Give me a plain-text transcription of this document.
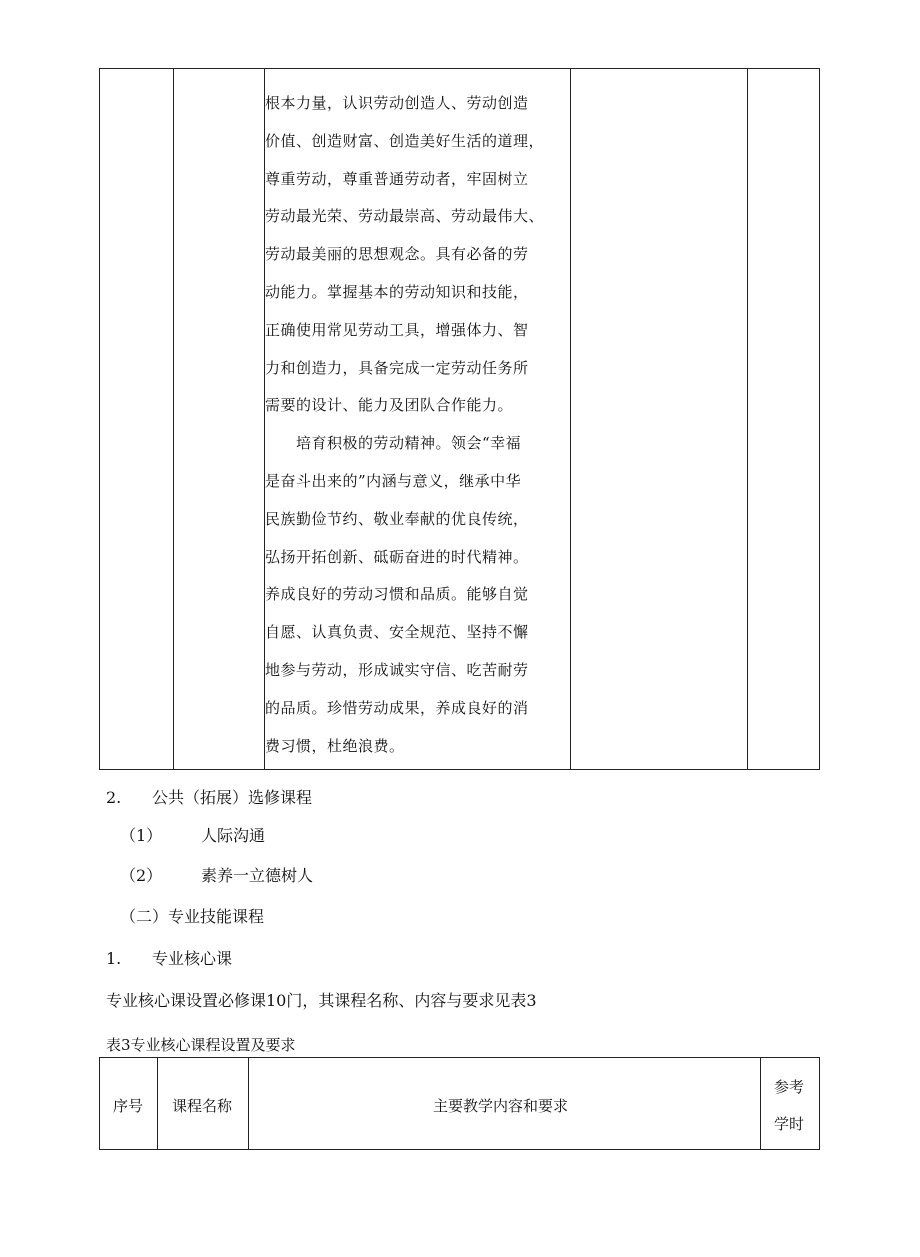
根本力量，认识劳动创造人、劳动创造

价值、创造财富、创造美好生活的道理，

尊重劳动，尊重普通劳动者，牢固树立

劳动最光荣、劳动最崇高、劳动最伟大、

劳动最美丽的思想观念。具有必备的劳

动能力。掌握基本的劳动知识和技能，

正确使用常见劳动工具，增强体力、智

力和创造力，具备完成一定劳动任务所

需要的设计、能力及团队合作能力。

培育积极的劳动精神。领会“幸福

是奋斗出来的”内涵与意义，继承中华

民族勤俭节约、敬业奉献的优良传统，

弘扬开拓创新、砥砺奋进的时代精神。

养成良好的劳动习惯和品质。能够自觉

自愿、认真负责、安全规范、坚持不懈

地参与劳动，形成诚实守信、吃苦耐劳

的品质。珍惜劳动成果，养成良好的消

费习惯，杜绝浪费。

2. 公共（拓展）选修课程
（1） 人际沟通
（2） 素养一立德树人
（二）专业技能课程
1. 专业核心课
专业核心课设置必修课10门，其课程名称、内容与要求见表3
表3专业核心课程设置及要求
序号 课程名称	主要教学内容和要求
参考
学时
